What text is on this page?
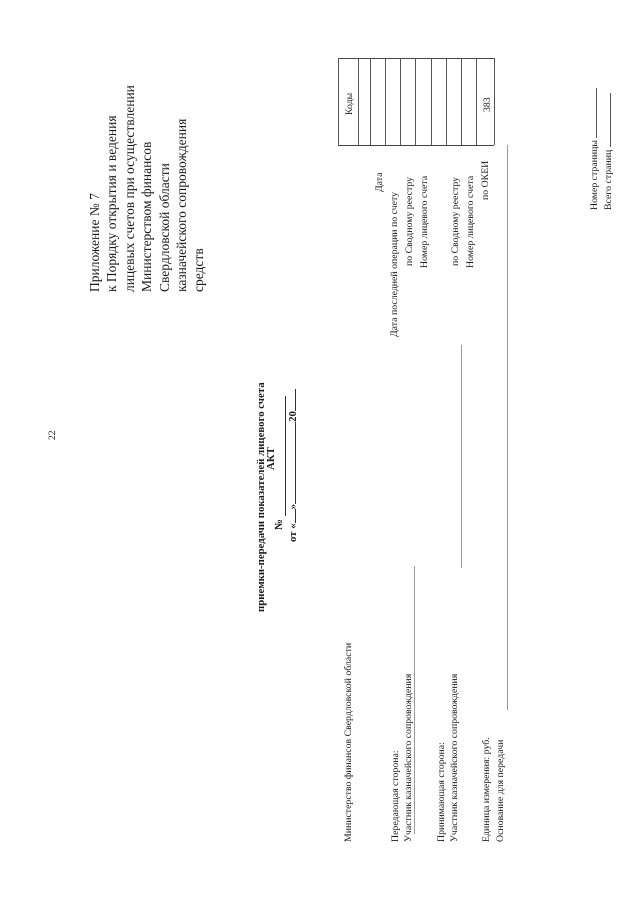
22
Приложение № 7 к Порядку открытия и ведения лицевых счетов при осуществлении Министерством финансов Свердловской области казначейского сопровождения средств
АКТ
приемки-передачи показателей лицевого счета № от «»20
Министерство финансов Свердловской области	Передающая сторона: Участник казначейского сопровождения Принимающая сторона: Участник казначейского сопровождения Единица измерения: руб. Основание для передачи
Дата
Дата последней операции по счету по Сводному реестру Номер лицевого счета по Сводному реестру Номер лицевого счета по ОКЕИ
Коды	383
Номер страницы Всего страниц
